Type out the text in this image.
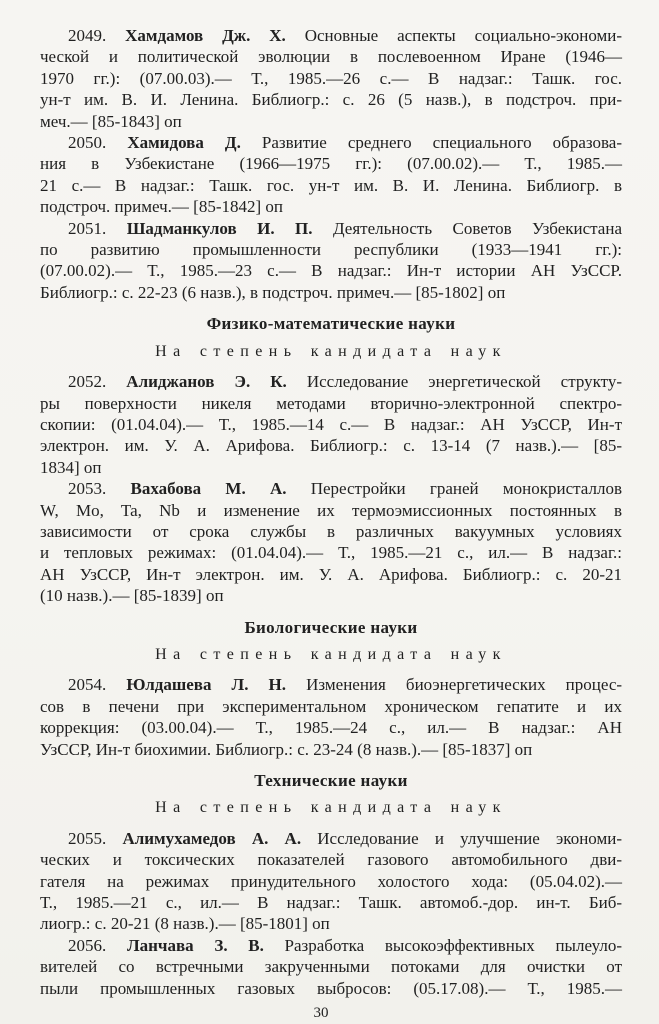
2049. Хамдамов Дж. Х. Основные аспекты социально-экономи-
ческой и политической эволюции в послевоенном Иране (1946—
1970 гг.): (07.00.03).— Т., 1985.—26 с.— В надзаг.: Ташк. гос.
ун-т им. В. И. Ленина. Библиогр.: с. 26 (5 назв.), в подстроч. при-
меч.— [85-1843] оп
2050. Хамидова Д. Развитие среднего специального образова-
ния в Узбекистане (1966—1975 гг.): (07.00.02).— Т., 1985.—
21 с.— В надзаг.: Ташк. гос. ун-т им. В. И. Ленина. Библиогр. в
подстроч. примеч.— [85-1842] оп
2051. Шадманкулов И. П. Деятельность Советов Узбекистана
по развитию промышленности республики (1933—1941 гг.):
(07.00.02).— Т., 1985.—23 с.— В надзаг.: Ин-т истории АН УзССР.
Библиогр.: с. 22-23 (6 назв.), в подстроч. примеч.— [85-1802] оп
Физико-математические науки
На степень кандидата наук
2052. Алиджанов Э. К. Исследование энергетической структу-
ры поверхности никеля методами вторично-электронной спектро-
скопии: (01.04.04).— Т., 1985.—14 с.— В надзаг.: АН УзССР, Ин-т
электрон. им. У. А. Арифова. Библиогр.: с. 13-14 (7 назв.).— [85-
1834] оп
2053. Вахабова М. А. Перестройки граней монокристаллов
W, Mo, Ta, Nb и изменение их термоэмиссионных постоянных в
зависимости от срока службы в различных вакуумных условиях
и тепловых режимах: (01.04.04).— Т., 1985.—21 с., ил.— В надзаг.:
АН УзССР, Ин-т электрон. им. У. А. Арифова. Библиогр.: с. 20-21
(10 назв.).— [85-1839] оп
Биологические науки
На степень кандидата наук
2054. Юлдашева Л. Н. Изменения биоэнергетических процес-
сов в печени при экспериментальном хроническом гепатите и их
коррекция: (03.00.04).— Т., 1985.—24 с., ил.— В надзаг.: АН
УзССР, Ин-т биохимии. Библиогр.: с. 23-24 (8 назв.).— [85-1837] оп
Технические науки
На степень кандидата наук
2055. Алимухамедов А. А. Исследование и улучшение экономи-
ческих и токсических показателей газового автомобильного дви-
гателя на режимах принудительного холостого хода: (05.04.02).—
Т., 1985.—21 с., ил.— В надзаг.: Ташк. автомоб.-дор. ин-т. Биб-
лиогр.: с. 20-21 (8 назв.).— [85-1801] оп
2056. Ланчава З. В. Разработка высокоэффективных пылеуло-
вителей со встречными закрученными потоками для очистки от
пыли промышленных газовых выбросов: (05.17.08).— Т., 1985.—
30
